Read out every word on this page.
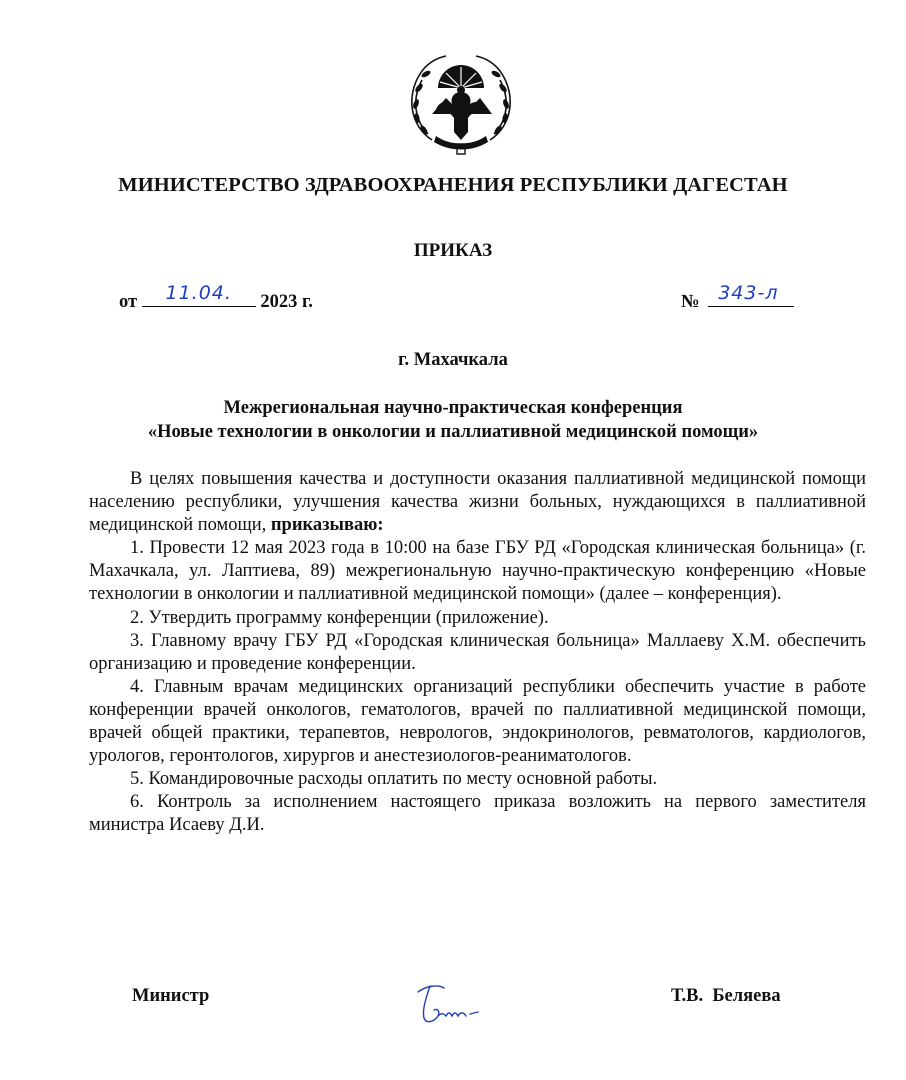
МИНИСТЕРСТВО ЗДРАВООХРАНЕНИЯ РЕСПУБЛИКИ ДАГЕСТАН
ПРИКАЗ
от	11.04.	2023 г.	№ 343-л
г. Махачкала
Межрегиональная научно-практическая конференция
«Новые технологии в онкологии и паллиативной медицинской помощи»

В целях повышения качества и доступности оказания паллиативной медицинской помощи населению республики, улучшения качества жизни больных, нуждающихся в паллиативной медицинской помощи, приказываю:

1. Провести 12 мая 2023 года в 10:00 на базе ГБУ РД «Городская клиническая больница» (г. Махачкала, ул. Лаптиева, 89) межрегиональную научно-практическую конференцию «Новые технологии в онкологии и паллиативной медицинской помощи» (далее – конференция).

2. Утвердить программу конференции (приложение).

3. Главному врачу ГБУ РД «Городская клиническая больница» Маллаеву Х.М. обеспечить организацию и проведение конференции.

4. Главным врачам медицинских организаций республики обеспечить участие в работе конференции врачей онкологов, гематологов, врачей по паллиативной медицинской помощи, врачей общей практики, терапевтов, неврологов, эндокринологов, ревматологов, кардиологов, урологов, геронтологов, хирургов и анестезиологов-реаниматологов.

5. Командировочные расходы оплатить по месту основной работы.

6. Контроль за исполнением настоящего приказа возложить на первого заместителя министра Исаеву Д.И.

Министр	Т.В.  Беляева
